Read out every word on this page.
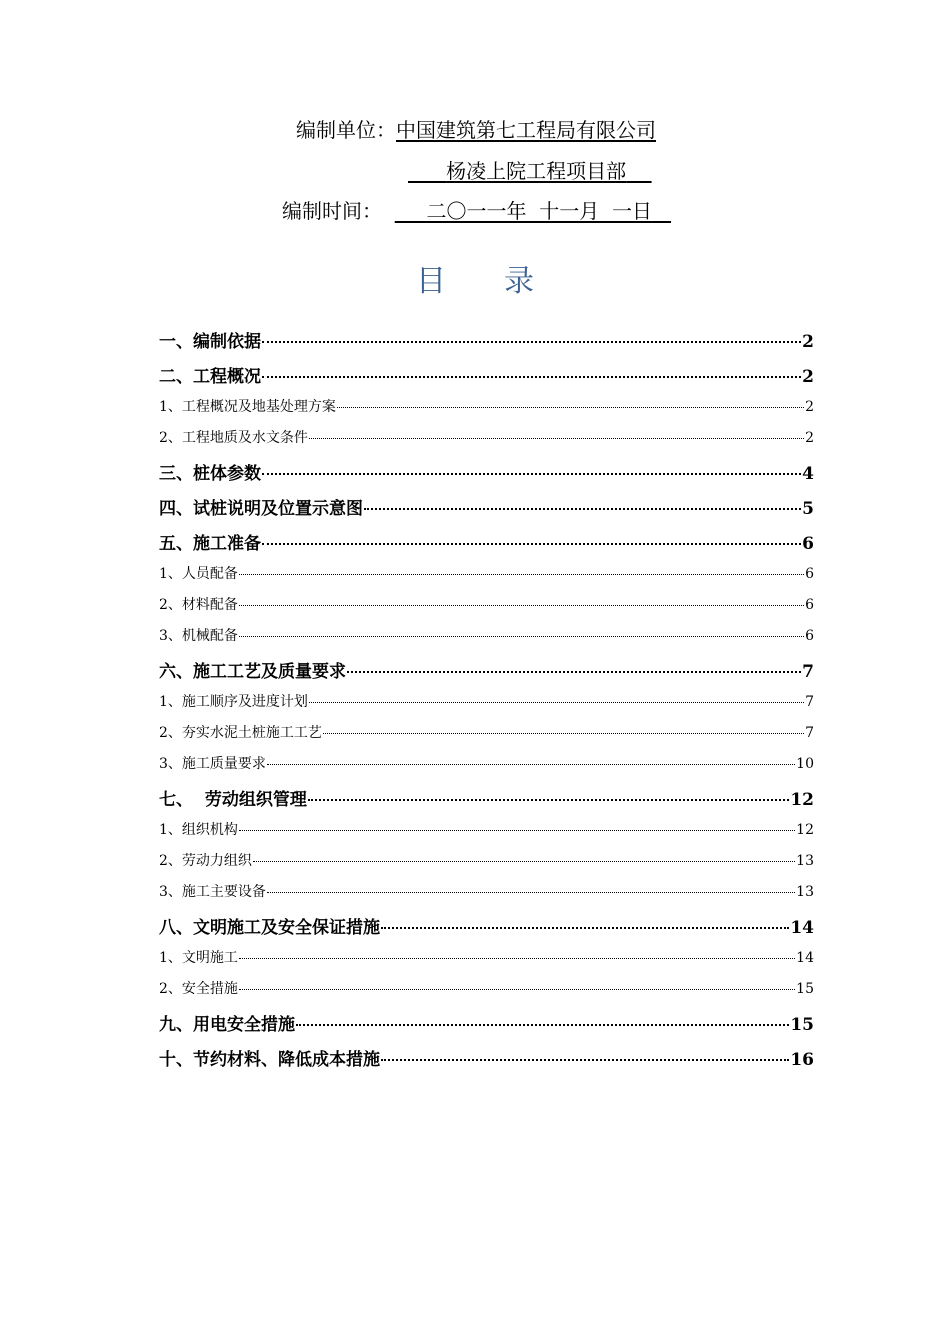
编制单位：中国建筑第七工程局有限公司
杨凌上院工程项目部
编制时间： 二〇一一年  十一月  一日
目 录
一、编制依据	2
二、工程概况	2
1、工程概况及地基处理方案	2
2、工程地质及水文条件	2
三、桩体参数	4
四、试桩说明及位置示意图	5
五、施工准备	6
1、人员配备	6
2、材料配备	6
3、机械配备	6
六、施工工艺及质量要求	7
1、施工顺序及进度计划	7
2、夯实水泥土桩施工工艺	7
3、施工质量要求	10
七、  劳动组织管理	12
1、组织机构	12
2、劳动力组织	13
3、施工主要设备	13
八、文明施工及安全保证措施	14
1、文明施工	14
2、安全措施	15
九、用电安全措施	15
十、节约材料、降低成本措施	16
